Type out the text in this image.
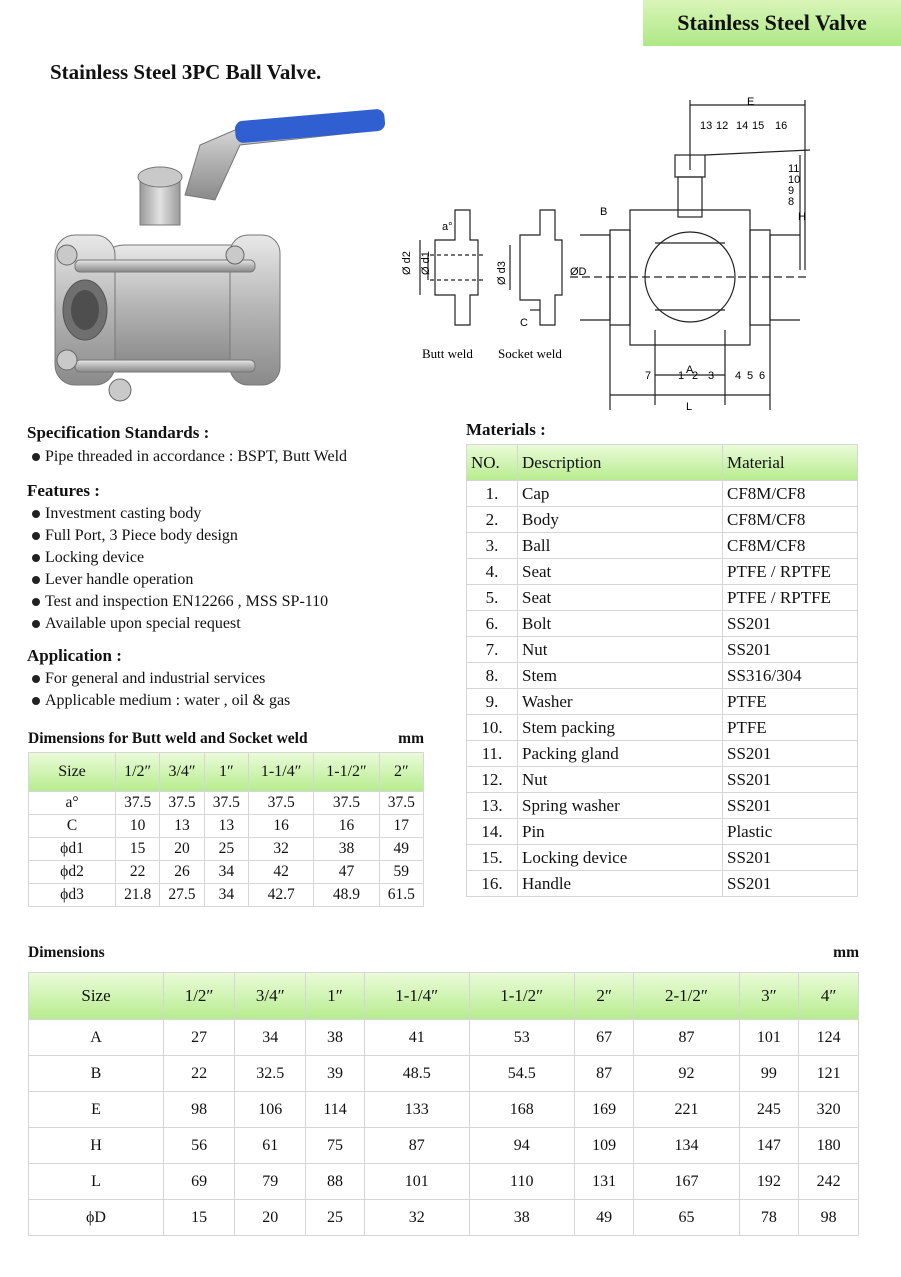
Stainless Steel Valve
Stainless Steel 3PC Ball Valve.
Ø d2 Ø d1	Ø d3
a°
C
Butt weld Socket weld
E
B	H
ØD
A
L
13 12 14 15 16
11
10
9
8
7 1 2 3 4 5 6
Specification Standards :
Pipe threaded in accordance : BSPT, Butt Weld
Features :
Investment casting body
Full Port, 3 Piece body design
Locking device
Lever handle operation
Test and inspection EN12266 , MSS SP-110
Available upon special request
Application :
For general and industrial services
Applicable medium : water , oil & gas
Dimensions for Butt weld and Socket weld	mm
Size	1/2″	3/4″	1″	1-1/4″	1-1/2″	2″
a°	37.5	37.5	37.5	37.5	37.5	37.5
C	10	13	13	16	16	17
ϕd1	15	20	25	32	38	49
ϕd2	22	26	34	42	47	59
ϕd3	21.8	27.5	34	42.7	48.9	61.5
Materials :
NO.	Description	Material
1.	Cap	CF8M/CF8
2.	Body	CF8M/CF8
3.	Ball	CF8M/CF8
4.	Seat	PTFE / RPTFE
5.	Seat	PTFE / RPTFE
6.	Bolt	SS201
7.	Nut	SS201
8.	Stem	SS316/304
9.	Washer	PTFE
10.	Stem packing	PTFE
11.	Packing gland	SS201
12.	Nut	SS201
13.	Spring washer	SS201
14.	Pin	Plastic
15.	Locking device	SS201
16.	Handle	SS201
Dimensions	mm
Size	1/2″	3/4″	1″	1-1/4″	1-1/2″	2″	2-1/2″	3″	4″
A	27	34	38	41	53	67	87	101	124
B	22	32.5	39	48.5	54.5	87	92	99	121
E	98	106	114	133	168	169	221	245	320
H	56	61	75	87	94	109	134	147	180
L	69	79	88	101	110	131	167	192	242
ϕD	15	20	25	32	38	49	65	78	98
